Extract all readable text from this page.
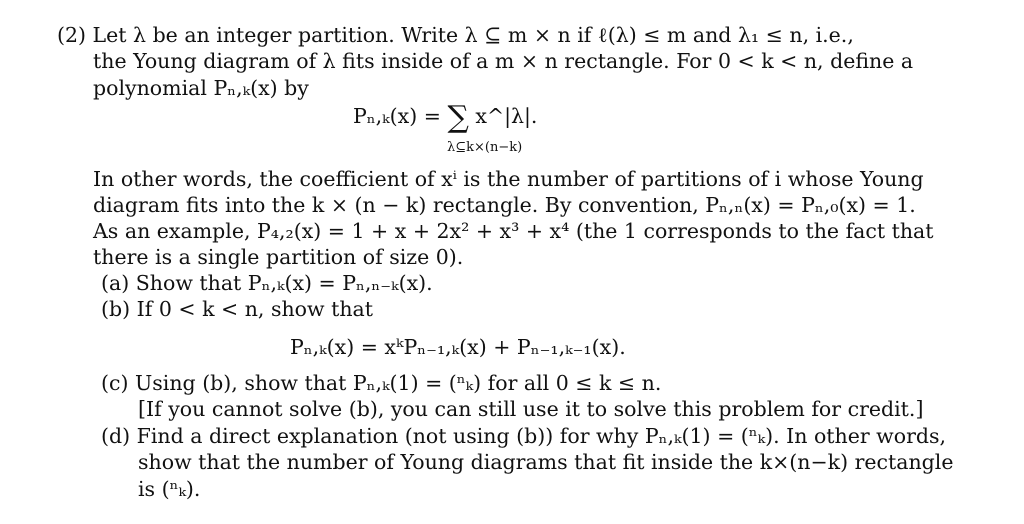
(2) Let λ be an integer partition. Write λ ⊆ m × n if ℓ(λ) ≤ m and λ₁ ≤ n, i.e.,
the Young diagram of λ fits inside of a m × n rectangle. For 0 < k < n, define a
polynomial Pₙ,ₖ(x) by
Pₙ,ₖ(x) = ∑ x^|λ|.
λ⊆k×(n−k)
In other words, the coefficient of xⁱ is the number of partitions of i whose Young
diagram fits into the k × (n − k) rectangle. By convention, Pₙ,ₙ(x) = Pₙ,₀(x) = 1.
As an example, P₄,₂(x) = 1 + x + 2x² + x³ + x⁴ (the 1 corresponds to the fact that
there is a single partition of size 0).
(a) Show that Pₙ,ₖ(x) = Pₙ,ₙ₋ₖ(x).
(b) If 0 < k < n, show that
Pₙ,ₖ(x) = xᵏPₙ₋₁,ₖ(x) + Pₙ₋₁,ₖ₋₁(x).
(c) Using (b), show that Pₙ,ₖ(1) = (ⁿₖ) for all 0 ≤ k ≤ n.
[If you cannot solve (b), you can still use it to solve this problem for credit.]
(d) Find a direct explanation (not using (b)) for why Pₙ,ₖ(1) = (ⁿₖ). In other words,
show that the number of Young diagrams that fit inside the k×(n−k) rectangle
is (ⁿₖ).
